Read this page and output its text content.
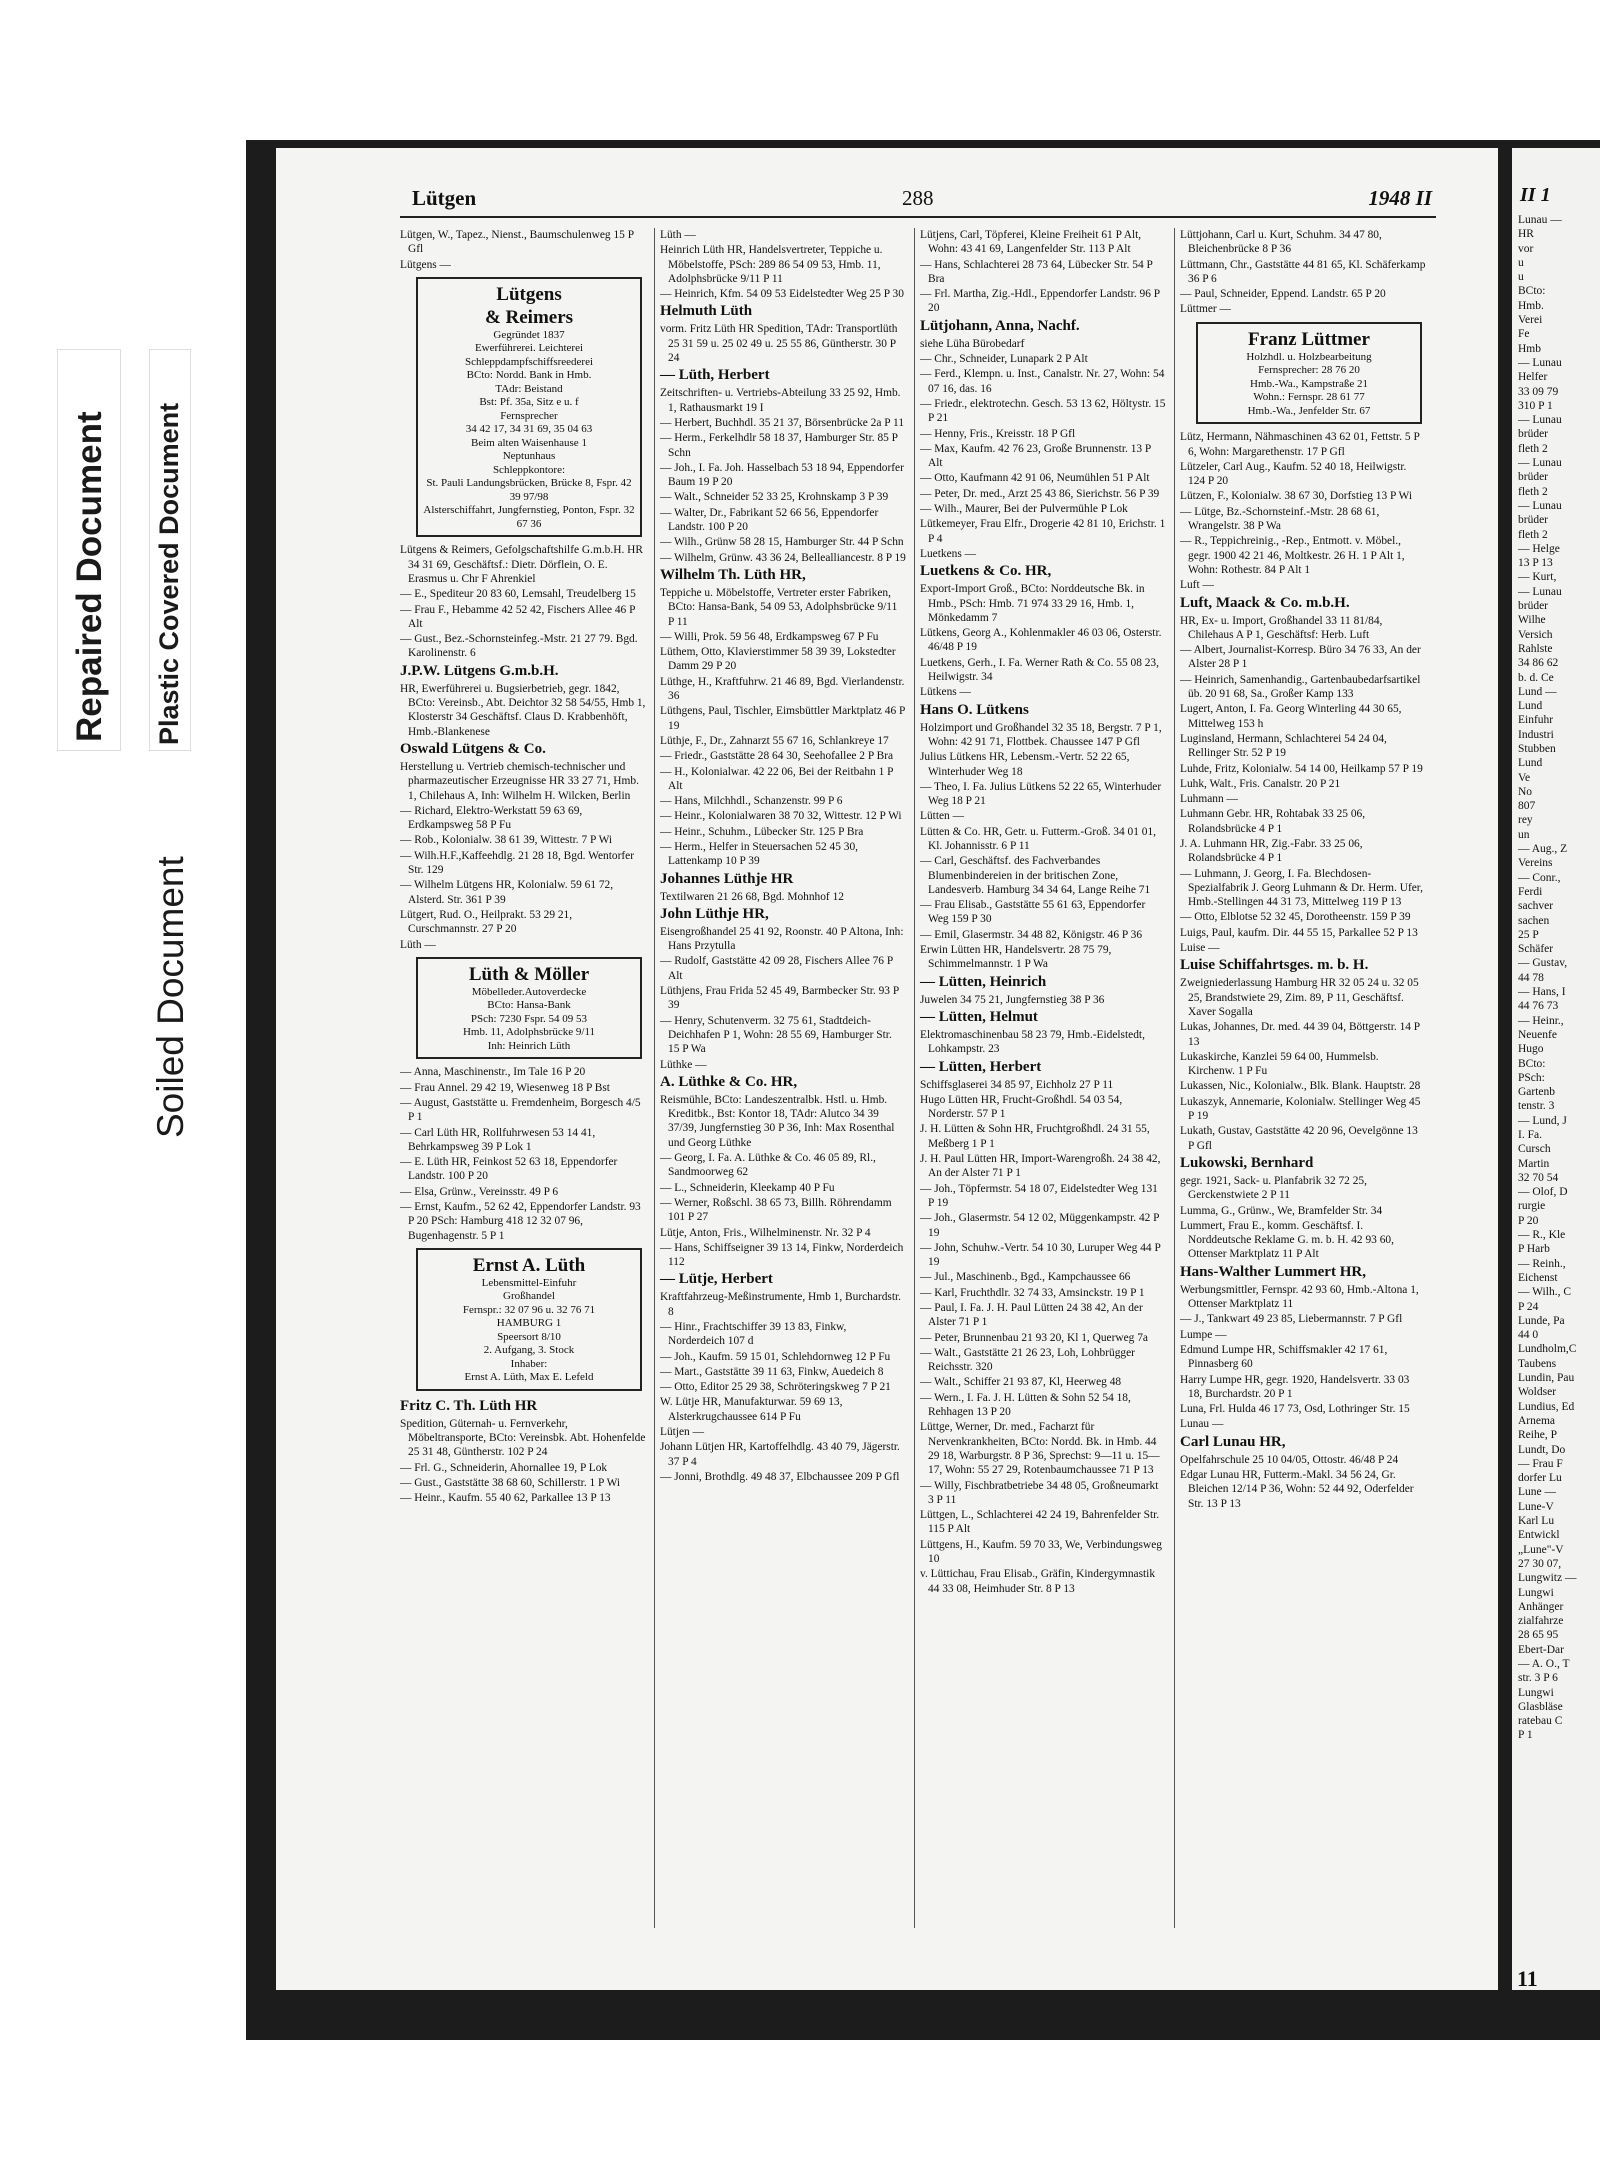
Repaired Document Plastic Covered Document
Soiled Document
Lütgen	288	1948 II
Lütgen, W., Tapez., Nienst., Baumschulenweg 15 P Gfl
Lütgens —
Lütgens
& Reimers
Gegründet 1837
Ewerführerei. Leichterei
Schleppdampfschiffsreederei
BCto: Nordd. Bank in Hmb.
TAdr: Beistand
Bst: Pf. 35a, Sitz e u. f
Fernsprecher
34 42 17, 34 31 69, 35 04 63
Beim alten Waisenhause 1
Neptunhaus
Schleppkontore:
St. Pauli Landungsbrücken, Brücke 8, Fspr. 42 39 97/98
Alsterschiffahrt, Jungfernstieg, Ponton, Fspr. 32 67 36
Lütgens & Reimers, Gefolgschaftshilfe G.m.b.H. HR 34 31 69, Geschäftsf.: Dietr. Dörflein, O. E. Erasmus u. Chr F Ahrenkiel
— E., Spediteur 20 83 60, Lemsahl, Treudelberg 15
— Frau F., Hebamme 42 52 42, Fischers Allee 46 P Alt
— Gust., Bez.-Schornsteinfeg.-Mstr. 21 27 79. Bgd. Karolinenstr. 6
J.P.W. Lütgens G.m.b.H.
HR, Ewerführerei u. Bugsierbetrieb, gegr. 1842, BCto: Vereinsb., Abt. Deichtor 32 58 54/55, Hmb 1, Klosterstr 34 Geschäftsf. Claus D. Krabbenhöft, Hmb.-Blankenese
Oswald Lütgens & Co.
Herstellung u. Vertrieb chemisch-technischer und pharmazeutischer Erzeugnisse HR 33 27 71, Hmb. 1, Chilehaus A, Inh: Wilhelm H. Wilcken, Berlin
— Richard, Elektro-Werkstatt 59 63 69, Erdkampsweg 58 P Fu
— Rob., Kolonialw. 38 61 39, Wittestr. 7 P Wi
— Wilh.H.F.,Kaffeehdlg. 21 28 18, Bgd. Wentorfer Str. 129
— Wilhelm Lütgens HR, Kolonialw. 59 61 72, Alsterd. Str. 361 P 39
Lütgert, Rud. O., Heilprakt. 53 29 21, Curschmannstr. 27 P 20
Lüth —
Lüth & Möller
Möbelleder.Autoverdecke
BCto: Hansa-Bank
PSch: 7230 Fspr. 54 09 53
Hmb. 11, Adolphsbrücke 9/11
Inh: Heinrich Lüth
— Anna, Maschinenstr., Im Tale 16 P 20
— Frau Annel. 29 42 19, Wiesenweg 18 P Bst
— August, Gaststätte u. Fremdenheim, Borgesch 4/5 P 1
— Carl Lüth HR, Rollfuhrwesen 53 14 41, Behrkampsweg 39 P Lok 1
— E. Lüth HR, Feinkost 52 63 18, Eppendorfer Landstr. 100 P 20
— Elsa, Grünw., Vereinsstr. 49 P 6
— Ernst, Kaufm., 52 62 42, Eppendorfer Landstr. 93 P 20 PSch: Hamburg 418 12 32 07 96, Bugenhagenstr. 5 P 1
Ernst A. Lüth
Lebensmittel-Einfuhr
Großhandel
Fernspr.: 32 07 96 u. 32 76 71
HAMBURG 1
Speersort 8/10
2. Aufgang, 3. Stock
Inhaber:
Ernst A. Lüth, Max E. Lefeld
Fritz C. Th. Lüth HR
Spedition, Güternah- u. Fernverkehr, Möbeltransporte, BCto: Vereinsbk. Abt. Hohenfelde 25 31 48, Güntherstr. 102 P 24
— Frl. G., Schneiderin, Ahornallee 19, P Lok
— Gust., Gaststätte 38 68 60, Schillerstr. 1 P Wi
— Heinr., Kaufm. 55 40 62, Parkallee 13 P 13
Lüth —
Heinrich Lüth HR, Handelsvertreter, Teppiche u. Möbelstoffe, PSch: 289 86 54 09 53, Hmb. 11, Adolphsbrücke 9/11 P 11
— Heinrich, Kfm. 54 09 53 Eidelstedter Weg 25 P 30
Helmuth Lüth
vorm. Fritz Lüth HR Spedition, TAdr: Transportlüth 25 31 59 u. 25 02 49 u. 25 55 86, Güntherstr. 30 P 24
— Lüth, Herbert
Zeitschriften- u. Vertriebs-Abteilung 33 25 92, Hmb. 1, Rathausmarkt 19 I
— Herbert, Buchhdl. 35 21 37, Börsenbrücke 2a P 11
— Herm., Ferkelhdlr 58 18 37, Hamburger Str. 85 P Schn
— Joh., I. Fa. Joh. Hasselbach 53 18 94, Eppendorfer Baum 19 P 20
— Walt., Schneider 52 33 25, Krohnskamp 3 P 39
— Walter, Dr., Fabrikant 52 66 56, Eppendorfer Landstr. 100 P 20
— Wilh., Grünw 58 28 15, Hamburger Str. 44 P Schn
— Wilhelm, Grünw. 43 36 24, Bellealliancestr. 8 P 19
Wilhelm Th. Lüth HR,
Teppiche u. Möbelstoffe, Vertreter erster Fabriken, BCto: Hansa-Bank, 54 09 53, Adolphsbrücke 9/11 P 11
— Willi, Prok. 59 56 48, Erdkampsweg 67 P Fu
Lüthem, Otto, Klavierstimmer 58 39 39, Lokstedter Damm 29 P 20
Lüthge, H., Kraftfuhrw. 21 46 89, Bgd. Vierlandenstr. 36
Lüthgens, Paul, Tischler, Eimsbüttler Marktplatz 46 P 19
Lüthje, F., Dr., Zahnarzt 55 67 16, Schlankreye 17
— Friedr., Gaststätte 28 64 30, Seehofallee 2 P Bra
— H., Kolonialwar. 42 22 06, Bei der Reitbahn 1 P Alt
— Hans, Milchhdl., Schanzenstr. 99 P 6
— Heinr., Kolonialwaren 38 70 32, Wittestr. 12 P Wi
— Heinr., Schuhm., Lübecker Str. 125 P Bra
— Herm., Helfer in Steuersachen 52 45 30, Lattenkamp 10 P 39
Johannes Lüthje HR
Textilwaren 21 26 68, Bgd. Mohnhof 12
John Lüthje HR,
Eisengroßhandel 25 41 92, Roonstr. 40 P Altona, Inh: Hans Przytulla
— Rudolf, Gaststätte 42 09 28, Fischers Allee 76 P Alt
Lüthjens, Frau Frida 52 45 49, Barmbecker Str. 93 P 39
— Henry, Schutenverm. 32 75 61, Stadtdeich-Deichhafen P 1, Wohn: 28 55 69, Hamburger Str. 15 P Wa
Lüthke —
A. Lüthke & Co. HR,
Reismühle, BCto: Landeszentralbk. Hstl. u. Hmb. Kreditbk., Bst: Kontor 18, TAdr: Alutco 34 39 37/39, Jungfernstieg 30 P 36, Inh: Max Rosenthal und Georg Lüthke
— Georg, I. Fa. A. Lüthke & Co. 46 05 89, Rl., Sandmoorweg 62
— L., Schneiderin, Kleekamp 40 P Fu
— Werner, Roßschl. 38 65 73, Billh. Röhrendamm 101 P 27
Lütje, Anton, Fris., Wilhelminenstr. Nr. 32 P 4
— Hans, Schiffseigner 39 13 14, Finkw, Norderdeich 112
— Lütje, Herbert
Kraftfahrzeug-Meßinstrumente, Hmb 1, Burchardstr. 8
— Hinr., Frachtschiffer 39 13 83, Finkw, Norderdeich 107 d
— Joh., Kaufm. 59 15 01, Schlehdornweg 12 P Fu
— Mart., Gaststätte 39 11 63, Finkw, Auedeich 8
— Otto, Editor 25 29 38, Schröteringskweg 7 P 21
W. Lütje HR, Manufakturwar. 59 69 13, Alsterkrugchaussee 614 P Fu
Lütjen —
Johann Lütjen HR, Kartoffelhdlg. 43 40 79, Jägerstr. 37 P 4
— Jonni, Brothdlg. 49 48 37, Elbchaussee 209 P Gfl
Lütjens, Carl, Töpferei, Kleine Freiheit 61 P Alt, Wohn: 43 41 69, Langenfelder Str. 113 P Alt
— Hans, Schlachterei 28 73 64, Lübecker Str. 54 P Bra
— Frl. Martha, Zig.-Hdl., Eppendorfer Landstr. 96 P 20
Lütjohann, Anna, Nachf.
siehe Lüha Bürobedarf
— Chr., Schneider, Lunapark 2 P Alt
— Ferd., Klempn. u. Inst., Canalstr. Nr. 27, Wohn: 54 07 16, das. 16
— Friedr., elektrotechn. Gesch. 53 13 62, Höltystr. 15 P 21
— Henny, Fris., Kreisstr. 18 P Gfl
— Max, Kaufm. 42 76 23, Große Brunnenstr. 13 P Alt
— Otto, Kaufmann 42 91 06, Neumühlen 51 P Alt
— Peter, Dr. med., Arzt 25 43 86, Sierichstr. 56 P 39
— Wilh., Maurer, Bei der Pulvermühle P Lok
Lütkemeyer, Frau Elfr., Drogerie 42 81 10, Erichstr. 1 P 4
Luetkens —
Luetkens & Co. HR,
Export-Import Groß., BCto: Norddeutsche Bk. in Hmb., PSch: Hmb. 71 974 33 29 16, Hmb. 1, Mönkedamm 7
Lütkens, Georg A., Kohlenmakler 46 03 06, Osterstr. 46/48 P 19
Luetkens, Gerh., I. Fa. Werner Rath & Co. 55 08 23, Heilwigstr. 34
Lütkens —
Hans O. Lütkens
Holzimport und Großhandel 32 35 18, Bergstr. 7 P 1, Wohn: 42 91 71, Flottbek. Chaussee 147 P Gfl
Julius Lütkens HR, Lebensm.-Vertr. 52 22 65, Winterhuder Weg 18
— Theo, I. Fa. Julius Lütkens 52 22 65, Winterhuder Weg 18 P 21
Lütten —
Lütten & Co. HR, Getr. u. Futterm.-Groß. 34 01 01, Kl. Johannisstr. 6 P 11
— Carl, Geschäftsf. des Fachverbandes Blumenbindereien in der britischen Zone, Landesverb. Hamburg 34 34 64, Lange Reihe 71
— Frau Elisab., Gaststätte 55 61 63, Eppendorfer Weg 159 P 30
— Emil, Glasermstr. 34 48 82, Königstr. 46 P 36
Erwin Lütten HR, Handelsvertr. 28 75 79, Schimmelmannstr. 1 P Wa
— Lütten, Heinrich
Juwelen 34 75 21, Jungfernstieg 38 P 36
— Lütten, Helmut
Elektromaschinenbau 58 23 79, Hmb.-Eidelstedt, Lohkampstr. 23
— Lütten, Herbert
Schiffsglaserei 34 85 97, Eichholz 27 P 11
Hugo Lütten HR, Frucht-Großhdl. 54 03 54, Norderstr. 57 P 1
J. H. Lütten & Sohn HR, Fruchtgroßhdl. 24 31 55, Meßberg 1 P 1
J. H. Paul Lütten HR, Import-Warengroßh. 24 38 42, An der Alster 71 P 1
— Joh., Töpfermstr. 54 18 07, Eidelstedter Weg 131 P 19
— Joh., Glasermstr. 54 12 02, Müggenkampstr. 42 P 19
— John, Schuhw.-Vertr. 54 10 30, Luruper Weg 44 P 19
— Jul., Maschinenb., Bgd., Kampchaussee 66
— Karl, Fruchthdlr. 32 74 33, Amsinckstr. 19 P 1
— Paul, I. Fa. J. H. Paul Lütten 24 38 42, An der Alster 71 P 1
— Peter, Brunnenbau 21 93 20, Kl 1, Querweg 7a
— Walt., Gaststätte 21 26 23, Loh, Lohbrügger Reichsstr. 320
— Walt., Schiffer 21 93 87, Kl, Heerweg 48
— Wern., I. Fa. J. H. Lütten & Sohn 52 54 18, Rehhagen 13 P 20
Lüttge, Werner, Dr. med., Facharzt für Nervenkrankheiten, BCto: Nordd. Bk. in Hmb. 44 29 18, Warburgstr. 8 P 36, Sprechst: 9—11 u. 15—17, Wohn: 55 27 29, Rotenbaumchaussee 71 P 13
— Willy, Fischbratbetriebe 34 48 05, Großneumarkt 3 P 11
Lüttgen, L., Schlachterei 42 24 19, Bahrenfelder Str. 115 P Alt
Lüttgens, H., Kaufm. 59 70 33, We, Verbindungsweg 10
v. Lüttichau, Frau Elisab., Gräfin, Kindergymnastik 44 33 08, Heimhuder Str. 8 P 13
Lüttjohann, Carl u. Kurt, Schuhm. 34 47 80, Bleichenbrücke 8 P 36
Lüttmann, Chr., Gaststätte 44 81 65, Kl. Schäferkamp 36 P 6
— Paul, Schneider, Eppend. Landstr. 65 P 20
Lüttmer —
Franz Lüttmer
Holzhdl. u. Holzbearbeitung
Fernsprecher: 28 76 20
Hmb.-Wa., Kampstraße 21
Wohn.: Fernspr. 28 61 77
Hmb.-Wa., Jenfelder Str. 67
Lütz, Hermann, Nähmaschinen 43 62 01, Fettstr. 5 P 6, Wohn: Margarethenstr. 17 P Gfl
Lützeler, Carl Aug., Kaufm. 52 40 18, Heilwigstr. 124 P 20
Lützen, F., Kolonialw. 38 67 30, Dorfstieg 13 P Wi
— Lütge, Bz.-Schornsteinf.-Mstr. 28 68 61, Wrangelstr. 38 P Wa
— R., Teppichreinig., -Rep., Entmott. v. Möbel., gegr. 1900 42 21 46, Moltkestr. 26 H. 1 P Alt 1, Wohn: Rothestr. 84 P Alt 1
Luft —
Luft, Maack & Co. m.b.H.
HR, Ex- u. Import, Großhandel 33 11 81/84, Chilehaus A P 1, Geschäftsf: Herb. Luft
— Albert, Journalist-Korresp. Büro 34 76 33, An der Alster 28 P 1
— Heinrich, Samenhandig., Gartenbaubedarfsartikel üb. 20 91 68, Sa., Großer Kamp 133
Lugert, Anton, I. Fa. Georg Winterling 44 30 65, Mittelweg 153 h
Luginsland, Hermann, Schlachterei 54 24 04, Rellinger Str. 52 P 19
Luhde, Fritz, Kolonialw. 54 14 00, Heilkamp 57 P 19
Luhk, Walt., Fris. Canalstr. 20 P 21
Luhmann —
Luhmann Gebr. HR, Rohtabak 33 25 06, Rolandsbrücke 4 P 1
J. A. Luhmann HR, Zig.-Fabr. 33 25 06, Rolandsbrücke 4 P 1
— Luhmann, J. Georg, I. Fa. Blechdosen-Spezialfabrik J. Georg Luhmann & Dr. Herm. Ufer, Hmb.-Stellingen 44 31 73, Mittelweg 119 P 13
— Otto, Elblotse 52 32 45, Dorotheenstr. 159 P 39
Luigs, Paul, kaufm. Dir. 44 55 15, Parkallee 52 P 13
Luise —
Luise Schiffahrtsges. m. b. H.
Zweigniederlassung Hamburg HR 32 05 24 u. 32 05 25, Brandstwiete 29, Zim. 89, P 11, Geschäftsf. Xaver Sogalla
Lukas, Johannes, Dr. med. 44 39 04, Böttgerstr. 14 P 13
Lukaskirche, Kanzlei 59 64 00, Hummelsb. Kirchenw. 1 P Fu
Lukassen, Nic., Kolonialw., Blk. Blank. Hauptstr. 28
Lukaszyk, Annemarie, Kolonialw. Stellinger Weg 45 P 19
Lukath, Gustav, Gaststätte 42 20 96, Oevelgönne 13 P Gfl
Lukowski, Bernhard
gegr. 1921, Sack- u. Planfabrik 32 72 25, Gerckenstwiete 2 P 11
Lumma, G., Grünw., We, Bramfelder Str. 34
Lummert, Frau E., komm. Geschäftsf. I. Norddeutsche Reklame G. m. b. H. 42 93 60, Ottenser Marktplatz 11 P Alt
Hans-Walther Lummert HR,
Werbungsmittler, Fernspr. 42 93 60, Hmb.-Altona 1, Ottenser Marktplatz 11
— J., Tankwart 49 23 85, Liebermannstr. 7 P Gfl
Lumpe —
Edmund Lumpe HR, Schiffsmakler 42 17 61, Pinnasberg 60
Harry Lumpe HR, gegr. 1920, Handelsvertr. 33 03 18, Burchardstr. 20 P 1
Luna, Frl. Hulda 46 17 73, Osd, Lothringer Str. 15
Lunau —
Carl Lunau HR,
Opelfahrschule 25 10 04/05, Ottostr. 46/48 P 24
Edgar Lunau HR, Futterm.-Makl. 34 56 24, Gr. Bleichen 12/14 P 36, Wohn: 52 44 92, Oderfelder Str. 13 P 13
II 1
Lunau —
HR
vor
u
u
BCto:
Hmb.
Verei
Fe
Hmb
— Lunau
Helfer
33 09 79
310 P 1
— Lunau
brüder
fleth 2
— Lunau
brüder
fleth 2
— Lunau
brüder
fleth 2
— Helge
13 P 13
— Kurt,
— Lunau
brüder
Wilhe
Versich
Rahlste
34 86 62
b. d. Ce
Lund —
Lund
Einfuhr
Industri
Stubben
Lund
Ve
No
807
rey
un
— Aug., Z
Vereins
— Conr.,
Ferdi
sachver
sachen
25 P
Schäfer
— Gustav,
44 78
— Hans, I
44 76 73
— Heinr.,
Neuenfe
Hugo
BCto:
PSch:
Gartenb
tenstr. 3
— Lund, J
I. Fa.
Cursch
Martin
32 70 54
— Olof, D
rurgie
P 20
— R., Kle
P Harb
— Reinh.,
Eichenst
— Wilh., C
P 24
Lunde, Pa
44 0
Lundholm,C
Taubens
Lundin, Pau
Woldser
Lundius, Ed
Arnema
Reihe, P
Lundt, Do
— Frau F
dorfer Lu
Lune —
Lune-V
Karl Lu
Entwickl
„Lune"-V
27 30 07,
Lungwitz —
Lungwi
Anhänger
zialfahrze
28 65 95
Ebert-Dar
— A. O., T
str. 3 P 6
Lungwi
Glasbläse
ratebau C
P 1
11
